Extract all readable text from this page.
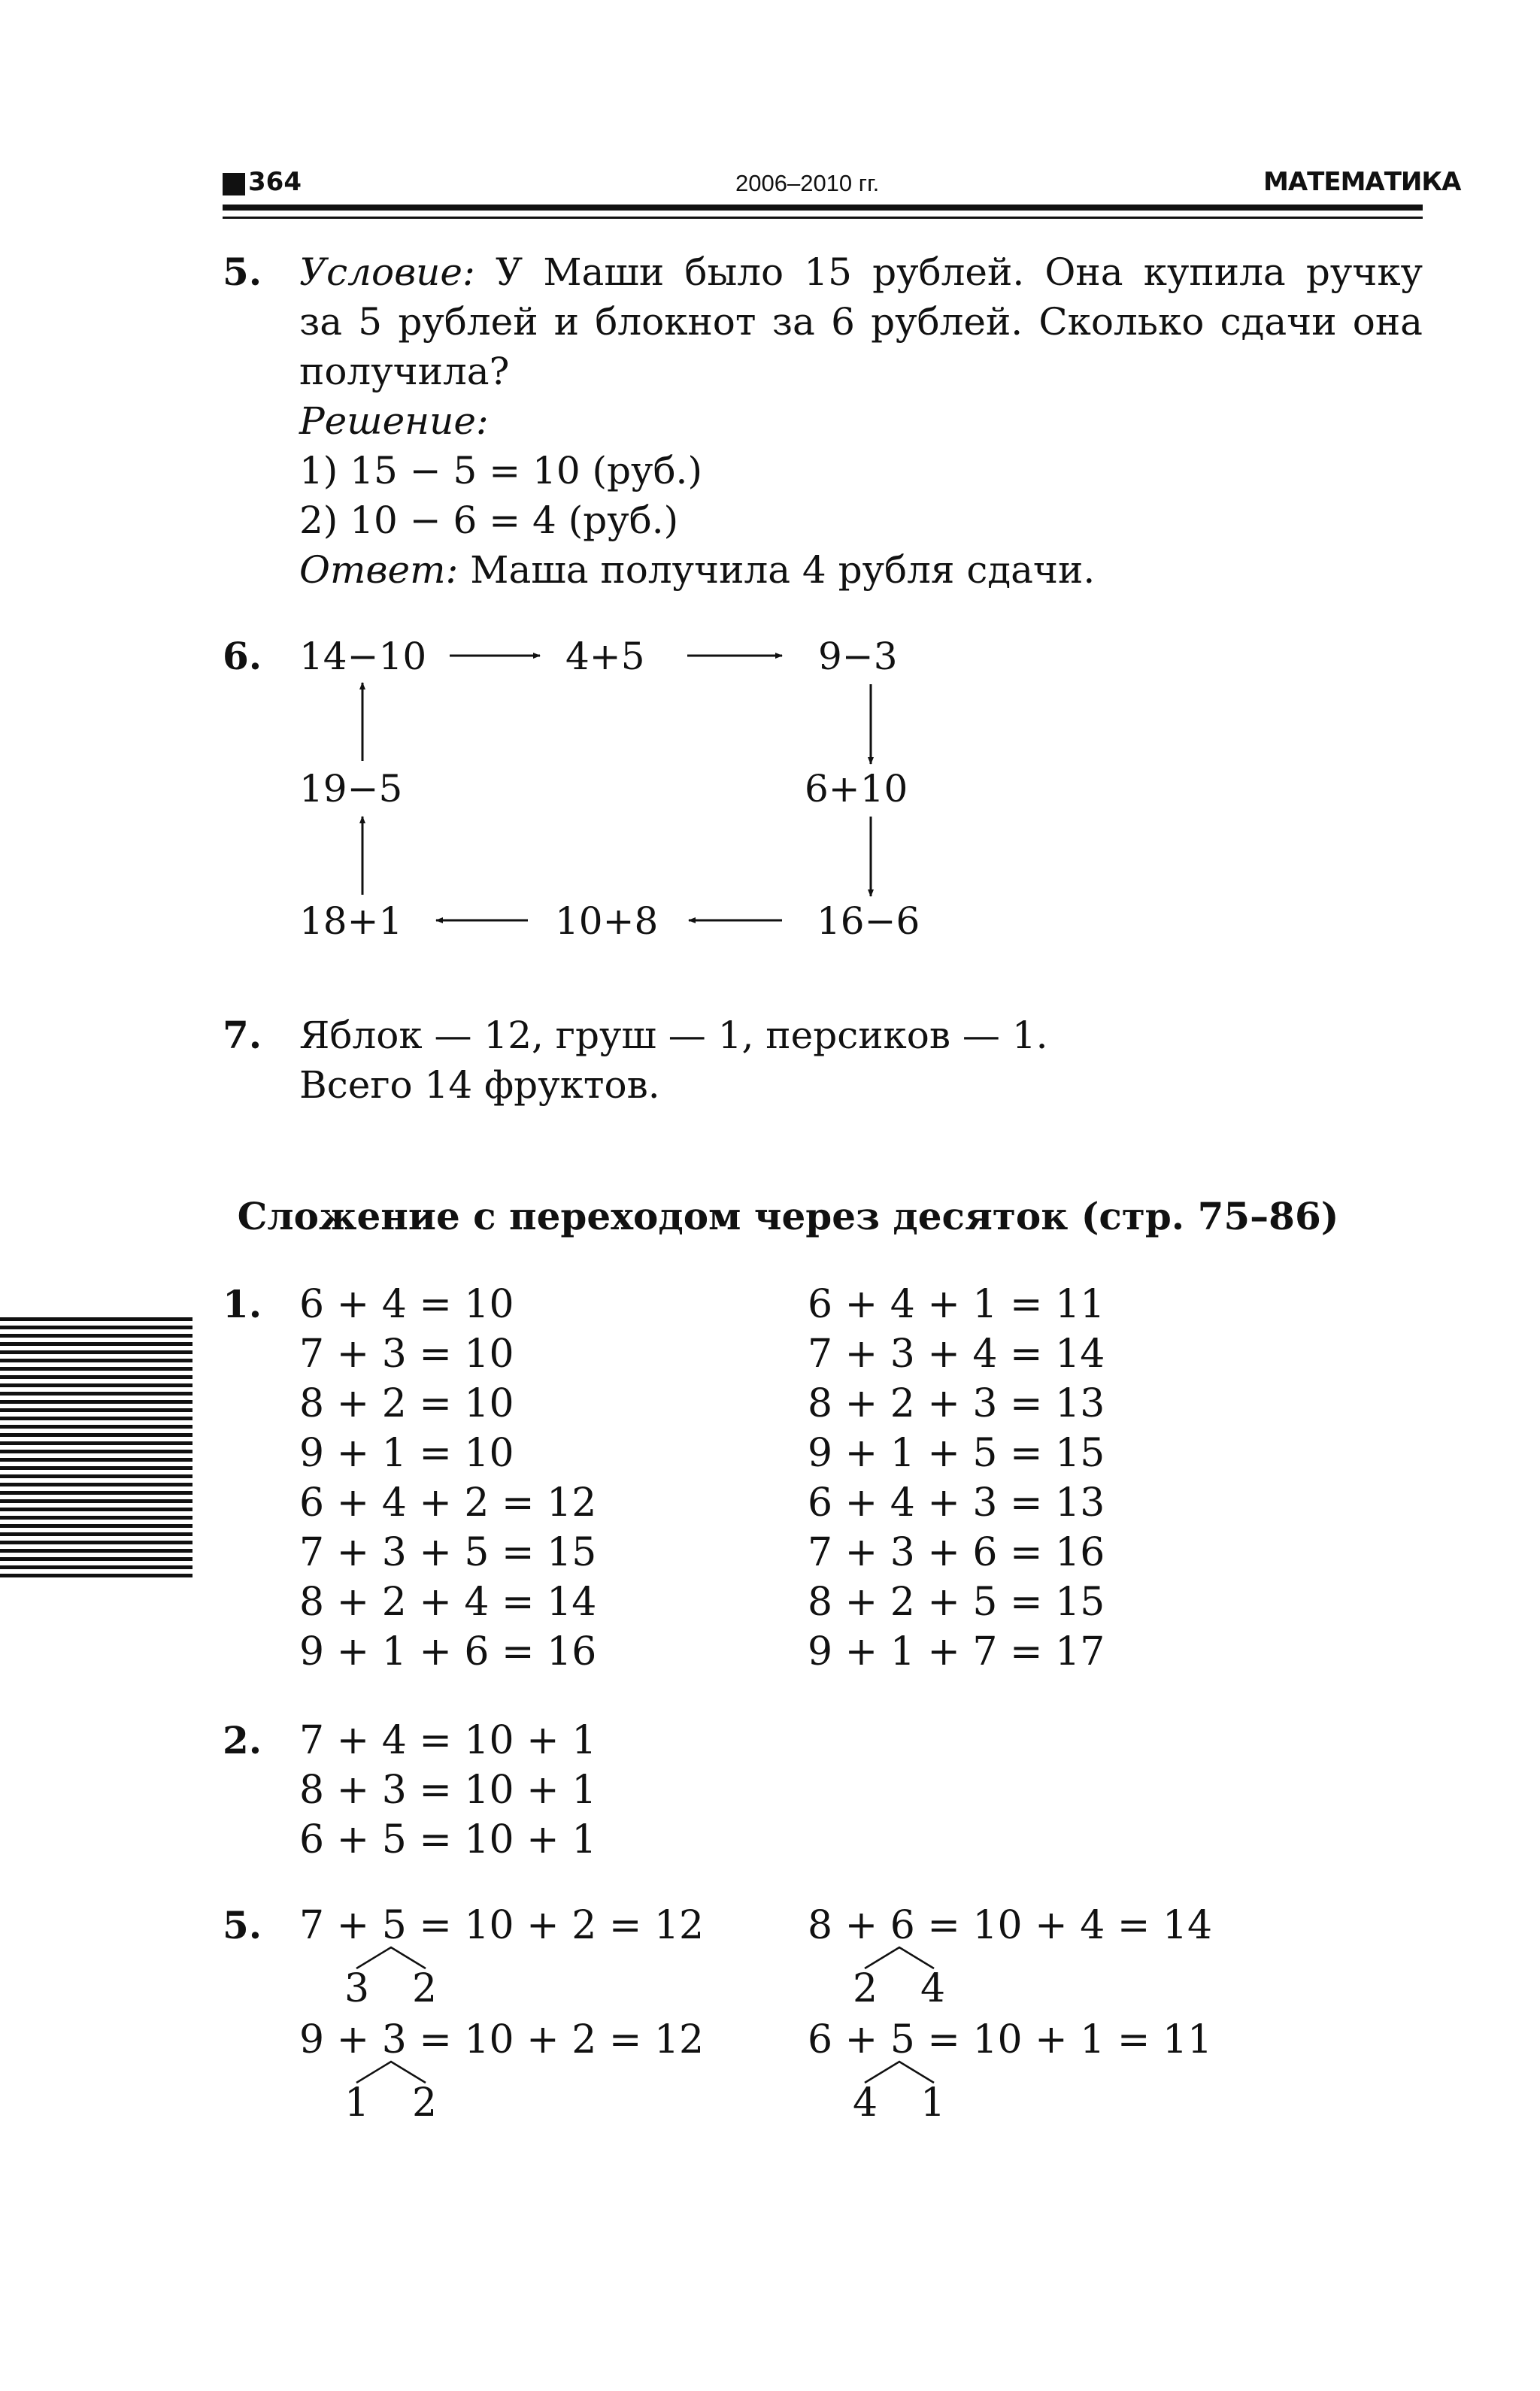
364	2006–2010 гг.	МАТЕМАТИКА
5. Условие: У Маши было 15 рублей. Она купила ручку
за 5 рублей и блокнот за 6 рублей. Сколько сдачи она
получила?
Решение:
1) 15 − 5 = 10 (руб.)
2) 10 − 6 = 4 (руб.)
Ответ: Маша получила 4 рубля сдачи.
6. 14−10	4+5	9−3
19−5	6+10
18+1	10+8	16−6
7. Яблок — 12, груш — 1, персиков — 1.
Всего 14 фруктов.
Сложение с переходом через десяток (стр. 75–86)
1. 6 + 4 = 10
7 + 3 = 10
8 + 2 = 10
9 + 1 = 10
6 + 4 + 2 = 12
7 + 3 + 5 = 15
8 + 2 + 4 = 14
9 + 1 + 6 = 16
6 + 4 + 1 = 11
7 + 3 + 4 = 14
8 + 2 + 3 = 13
9 + 1 + 5 = 15
6 + 4 + 3 = 13
7 + 3 + 6 = 16
8 + 2 + 5 = 15
9 + 1 + 7 = 17
2. 7 + 4 = 10 + 1
8 + 3 = 10 + 1
6 + 5 = 10 + 1
5. 7 + 5 = 10 + 2 = 12
3 2
8 + 6 = 10 + 4 = 14
2 4
9 + 3 = 10 + 2 = 12
1 2
6 + 5 = 10 + 1 = 11
4 1
